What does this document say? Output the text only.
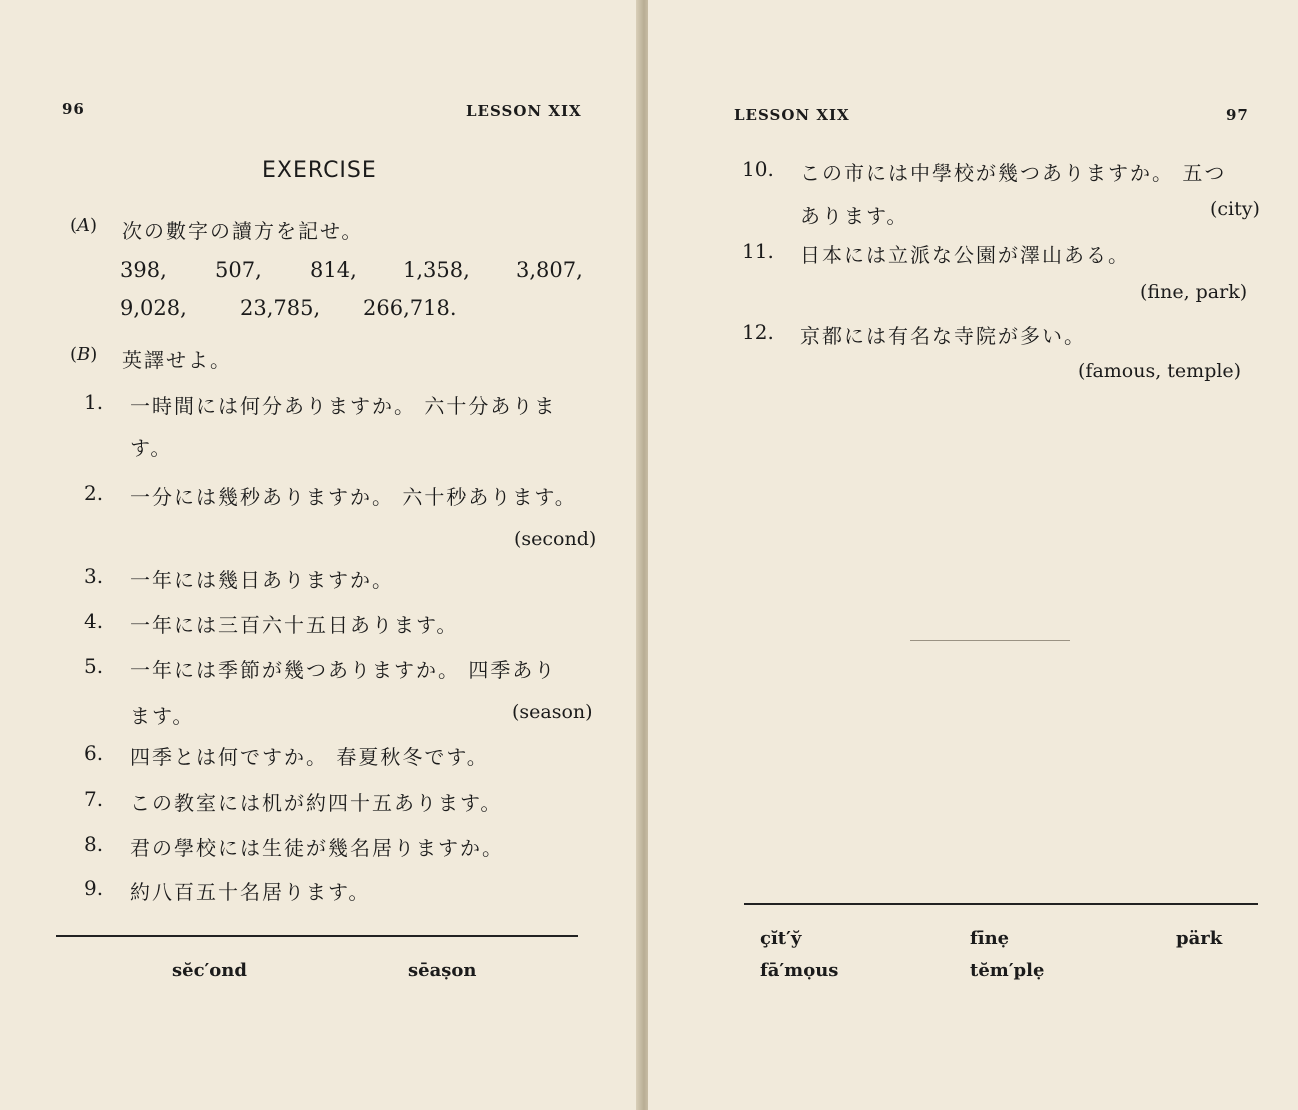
96	LESSON XIX
EXERCISE
(A) 次の數字の讀方を記せ。
398, 507, 814, 1,358, 3,807,
9,028,	23,785, 266,718.
(B) 英譯せよ。
1. 一時間には何分ありますか。 六十分ありま
す。
2. 一分には幾秒ありますか。 六十秒あります。
(second)
3. 一年には幾日ありますか。
4. 一年には三百六十五日あります。
5. 一年には季節が幾つありますか。 四季あり
ます。	(season)
6. 四季とは何ですか。 春夏秋冬です。
7. この教室には机が約四十五あります。
8. 君の學校には生徒が幾名居りますか。
9. 約八百五十名居ります。
sĕc′ond	sēaṣon
LESSON XIX	97
10. この市には中學校が幾つありますか。 五つ
あります。	(city)
11. 日本には立派な公園が澤山ある。
(fine, park)
12. 京都には有名な寺院が多い。
(famous, temple)
çĭt′y̆	fīnẹ	pärk
fā′mọus	tĕm′plẹ
